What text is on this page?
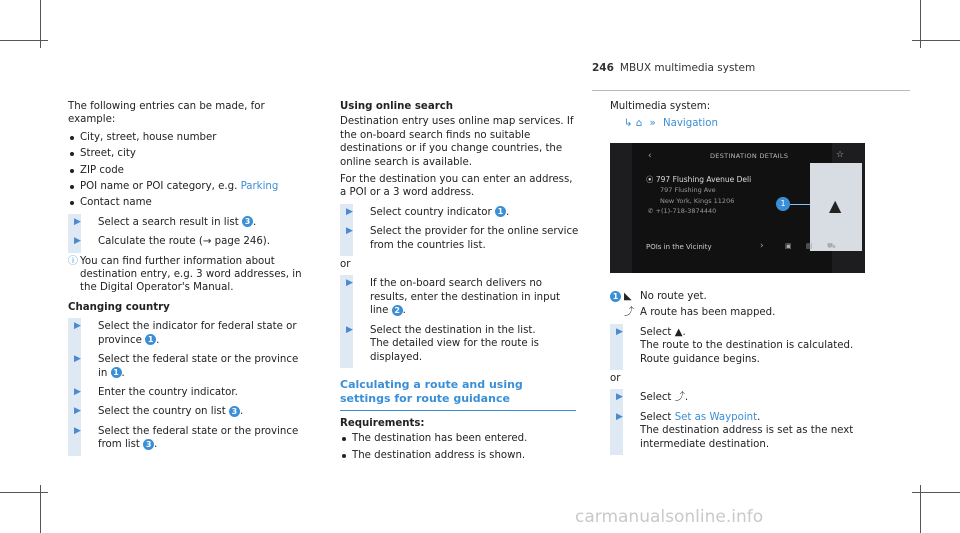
246 MBUX multimedia system

The following entries can be made, for example:

City, street, house number
Street, city
ZIP code
POI name or POI category, e.g. Parking
Contact name
▶ Select a search result in list 3 .
▶ Calculate the route (→ page 246).
ⓘ You can find further information about destination entry, e.g. 3 word addresses, in the Digital Operator's Manual.
Changing country
▶ Select the indicator for federal state or province 1 .
▶ Select the federal state or the province in 1 .
▶ Enter the country indicator.
▶ Select the country on list 3 .
▶ Select the federal state or the province from list 3 .
Using online search

Destination entry uses online map services. If the on-board search finds no suitable destinations or if you change countries, the online search is available.

For the destination you can enter an address, a POI or a 3 word address.

▶ Select country indicator 1 .
▶ Select the provider for the online service from the countries list.
or
▶ If the on-board search delivers no results, enter the destination in input line 2 .
▶ Select the destination in the list.
The detailed view for the route is displayed.
Calculating a route and using settings for route guidance
Requirements:
The destination has been entered.
The destination address is shown.
Multimedia system:
↳ ⌂ » Navigation
‹	DESTINATION DETAILS	☆
⦿ 797 Flushing Avenue Deli
797 Flushing Ave
New York, Kings 11206
✆ +(1)-718-3874440	▲
1
POIs in the Vicinity	›	▣ ▤ ⛟
1 ◣ No route yet.
⤴ A route has been mapped.
▶ Select ▲.
The route to the destination is calculated.
Route guidance begins.
or
▶ Select ⤴.
▶ Select Set as Waypoint.
The destination address is set as the next intermediate destination.
carmanualsonline.info
